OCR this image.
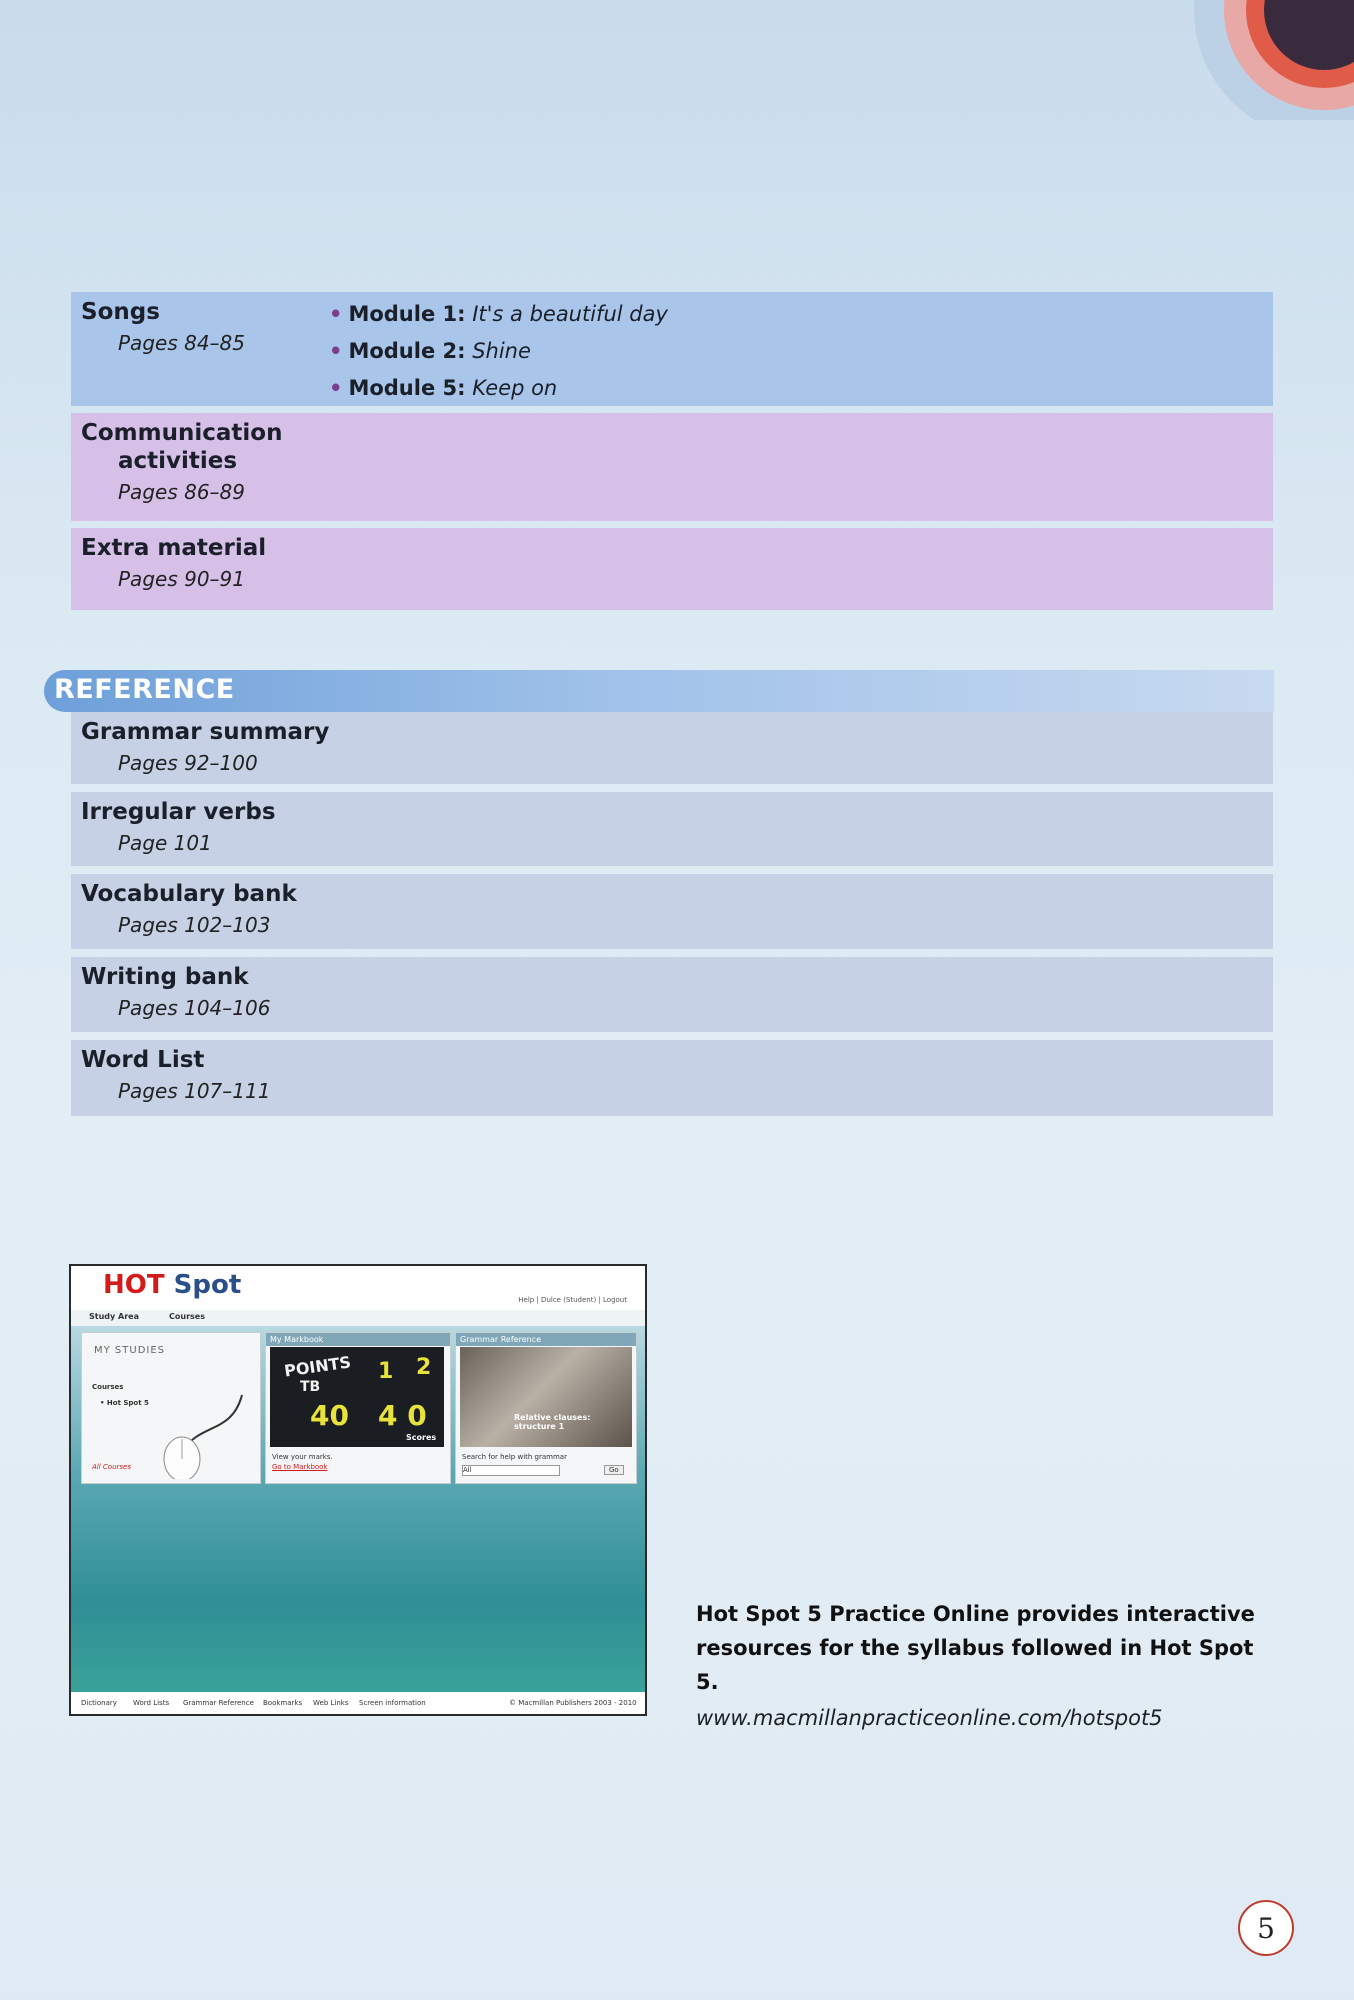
Songs
Pages 84–85
• Module 1: It's a beautiful day
• Module 2: Shine
• Module 5: Keep on
Communication
activities
Pages 86–89
Extra material
Pages 90–91
REFERENCE
Grammar summary
Pages 92–100
Irregular verbs
Page 101
Vocabulary bank
Pages 102–103
Writing bank
Pages 104–106
Word List
Pages 107–111
HOT Spot	Help | Dulce (Student) | Logout
Study Area	Courses
MY STUDIES
Courses
• Hot Spot 5
All Courses
My Markbook
POINTS
TB
40 4 0
1 2
Scores
View your marks.
Go to Markbook
Grammar Reference
Relative clauses: structure 1
Search for help with grammar
All	Go
Dictionary Word Lists Grammar Reference Bookmarks Web Links Screen information	© Macmillan Publishers 2003 - 2010
Hot Spot 5 Practice Online provides interactive resources for the syllabus followed in Hot Spot 5.
www.macmillanpracticeonline.com/hotspot5
5
